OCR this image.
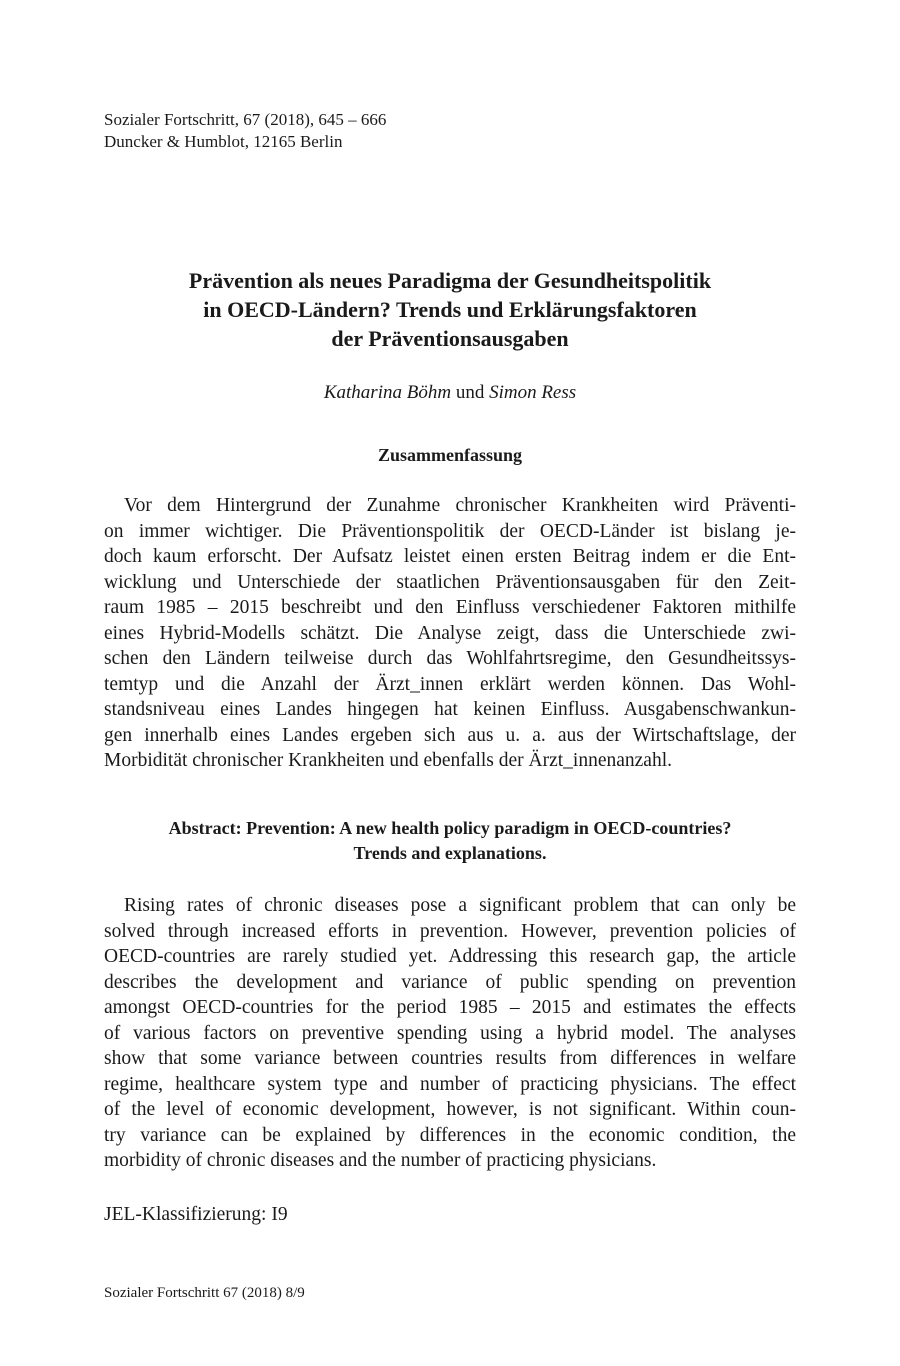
Sozialer Fortschritt, 67 (2018), 645 – 666
Duncker & Humblot, 12165 Berlin
Prävention als neues Paradigma der Gesundheitspolitik
in OECD-Ländern? Trends und Erklärungsfaktoren
der Präventionsausgaben
Katharina Böhm und Simon Ress
Zusammenfassung
Vor dem Hintergrund der Zunahme chronischer Krankheiten wird Präventi-
on immer wichtiger. Die Präventionspolitik der OECD-Länder ist bislang je-
doch kaum erforscht. Der Aufsatz leistet einen ersten Beitrag indem er die Ent-
wicklung und Unterschiede der staatlichen Präventionsausgaben für den Zeit-
raum 1985 – 2015 beschreibt und den Einfluss verschiedener Faktoren mithilfe
eines Hybrid-Modells schätzt. Die Analyse zeigt, dass die Unterschiede zwi-
schen den Ländern teilweise durch das Wohlfahrtsregime, den Gesundheitssys-
temtyp und die Anzahl der Ärzt_innen erklärt werden können. Das Wohl-
standsniveau eines Landes hingegen hat keinen Einfluss. Ausgabenschwankun-
gen innerhalb eines Landes ergeben sich aus u. a. aus der Wirtschaftslage, der
Morbidität chronischer Krankheiten und ebenfalls der Ärzt_innenanzahl.
Abstract: Prevention: A new health policy paradigm in OECD-countries?
Trends and explanations.
Rising rates of chronic diseases pose a significant problem that can only be
solved through increased efforts in prevention. However, prevention policies of
OECD-countries are rarely studied yet. Addressing this research gap, the article
describes the development and variance of public spending on prevention
amongst OECD-countries for the period 1985 – 2015 and estimates the effects
of various factors on preventive spending using a hybrid model. The analyses
show that some variance between countries results from differences in welfare
regime, healthcare system type and number of practicing physicians. The effect
of the level of economic development, however, is not significant. Within coun-
try variance can be explained by differences in the economic condition, the
morbidity of chronic diseases and the number of practicing physicians.
JEL-Klassifizierung: I9
Sozialer Fortschritt 67 (2018) 8/9
